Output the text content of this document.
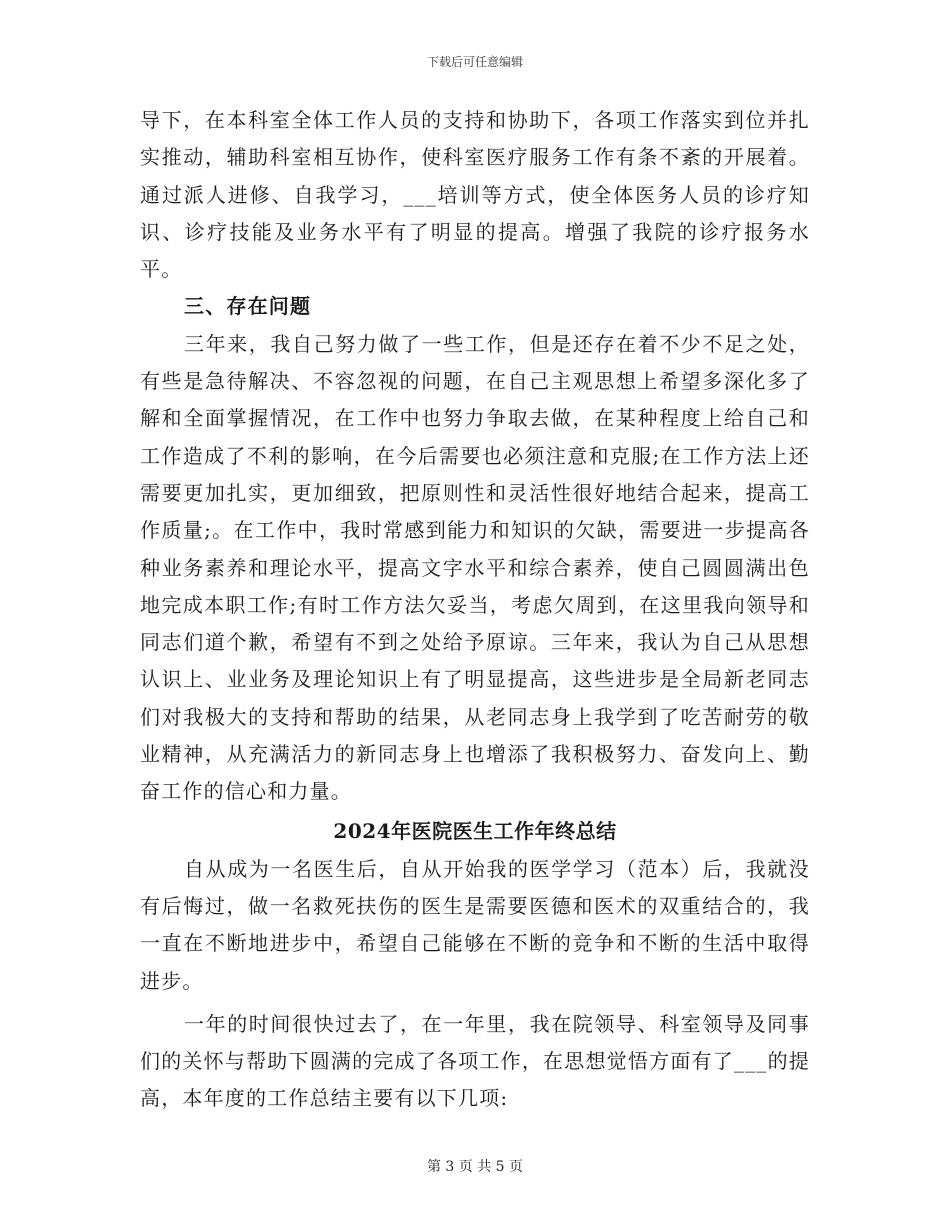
下载后可任意编辑

导下，在本科室全体工作人员的支持和协助下，各项工作落实到位并扎实推动，辅助科室相互协作，使科室医疗服务工作有条不紊的开展着。通过派人进修、自我学习，___培训等方式，使全体医务人员的诊疗知识、诊疗技能及业务水平有了明显的提高。增强了我院的诊疗报务水平。

三、存在问题

三年来，我自己努力做了一些工作，但是还存在着不少不足之处，有些是急待解决、不容忽视的问题，在自己主观思想上希望多深化多了解和全面掌握情况，在工作中也努力争取去做，在某种程度上给自己和工作造成了不利的影响，在今后需要也必须注意和克服;在工作方法上还需要更加扎实，更加细致，把原则性和灵活性很好地结合起来，提高工作质量;。在工作中，我时常感到能力和知识的欠缺，需要进一步提高各种业务素养和理论水平，提高文字水平和综合素养，使自己圆圆满出色地完成本职工作;有时工作方法欠妥当，考虑欠周到，在这里我向领导和同志们道个歉，希望有不到之处给予原谅。三年来，我认为自己从思想认识上、业业务及理论知识上有了明显提高，这些进步是全局新老同志们对我极大的支持和帮助的结果，从老同志身上我学到了吃苦耐劳的敬业精神，从充满活力的新同志身上也增添了我积极努力、奋发向上、勤奋工作的信心和力量。

2024年医院医生工作年终总结

自从成为一名医生后，自从开始我的医学学习（范本）后，我就没有后悔过，做一名救死扶伤的医生是需要医德和医术的双重结合的，我一直在不断地进步中，希望自己能够在不断的竞争和不断的生活中取得进步。

一年的时间很快过去了，在一年里，我在院领导、科室领导及同事们的关怀与帮助下圆满的完成了各项工作，在思想觉悟方面有了___的提高，本年度的工作总结主要有以下几项:

第 3 页 共 5 页
